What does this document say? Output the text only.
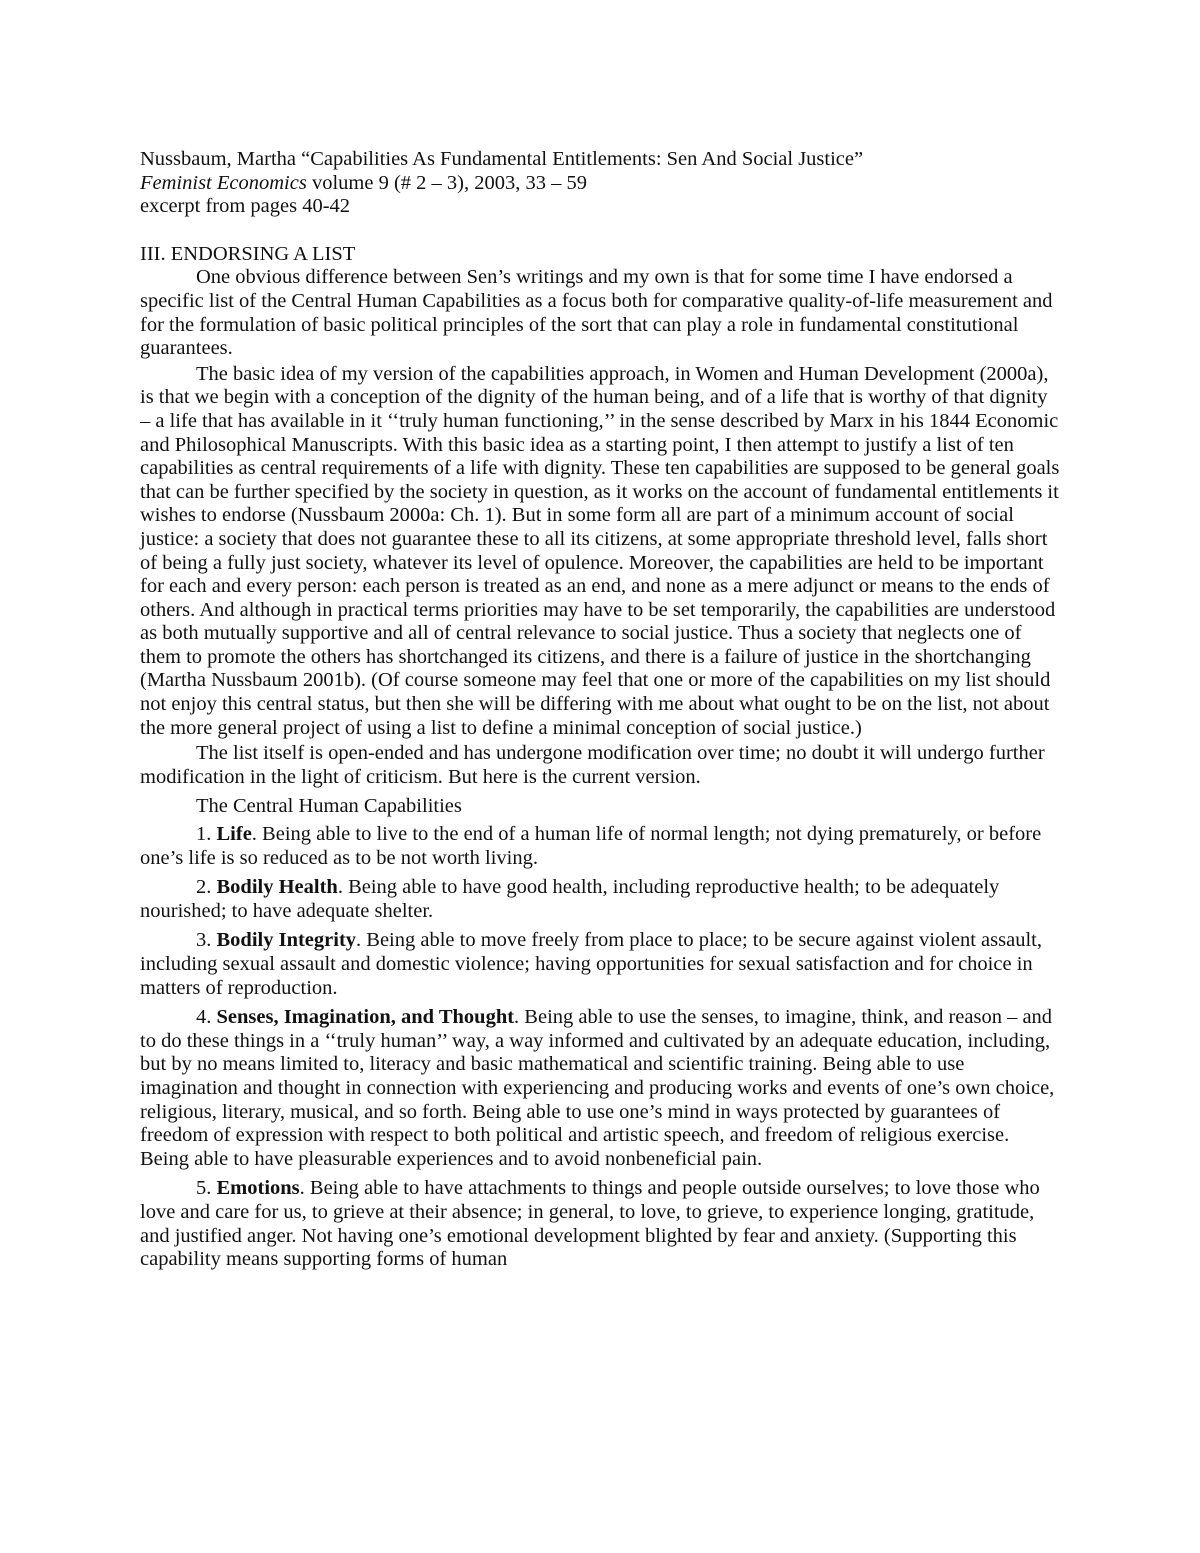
Nussbaum, Martha “Capabilities As Fundamental Entitlements: Sen And Social Justice”
Feminist Economics volume 9 (# 2 – 3), 2003, 33 – 59
excerpt from pages 40-42
III. ENDORSING A LIST

One obvious difference between Sen’s writings and my own is that for some time I have endorsed a specific list of the Central Human Capabilities as a focus both for comparative quality-of-life measurement and for the formulation of basic political principles of the sort that can play a role in fundamental constitutional guarantees.

The basic idea of my version of the capabilities approach, in Women and Human Development (2000a), is that we begin with a conception of the dignity of the human being, and of a life that is worthy of that dignity – a life that has available in it ‘‘truly human functioning,’’ in the sense described by Marx in his 1844 Economic and Philosophical Manuscripts. With this basic idea as a starting point, I then attempt to justify a list of ten capabilities as central requirements of a life with dignity. These ten capabilities are supposed to be general goals that can be further specified by the society in question, as it works on the account of fundamental entitlements it wishes to endorse (Nussbaum 2000a: Ch. 1). But in some form all are part of a minimum account of social justice: a society that does not guarantee these to all its citizens, at some appropriate threshold level, falls short of being a fully just society, whatever its level of opulence. Moreover, the capabilities are held to be important for each and every person: each person is treated as an end, and none as a mere adjunct or means to the ends of others. And although in practical terms priorities may have to be set temporarily, the capabilities are understood as both mutually supportive and all of central relevance to social justice. Thus a society that neglects one of them to promote the others has shortchanged its citizens, and there is a failure of justice in the shortchanging (Martha Nussbaum 2001b). (Of course someone may feel that one or more of the capabilities on my list should not enjoy this central status, but then she will be differing with me about what ought to be on the list, not about the more general project of using a list to define a minimal conception of social justice.)

The list itself is open-ended and has undergone modification over time; no doubt it will undergo further modification in the light of criticism. But here is the current version.

The Central Human Capabilities

1. Life. Being able to live to the end of a human life of normal length; not dying prematurely, or before one’s life is so reduced as to be not worth living.

2. Bodily Health. Being able to have good health, including reproductive health; to be adequately nourished; to have adequate shelter.

3. Bodily Integrity. Being able to move freely from place to place; to be secure against violent assault, including sexual assault and domestic violence; having opportunities for sexual satisfaction and for choice in matters of reproduction.

4. Senses, Imagination, and Thought. Being able to use the senses, to imagine, think, and reason – and to do these things in a ‘‘truly human’’ way, a way informed and cultivated by an adequate education, including, but by no means limited to, literacy and basic mathematical and scientific training. Being able to use imagination and thought in connection with experiencing and producing works and events of one’s own choice, religious, literary, musical, and so forth. Being able to use one’s mind in ways protected by guarantees of freedom of expression with respect to both political and artistic speech, and freedom of religious exercise. Being able to have pleasurable experiences and to avoid nonbeneficial pain.

5. Emotions. Being able to have attachments to things and people outside ourselves; to love those who love and care for us, to grieve at their absence; in general, to love, to grieve, to experience longing, gratitude, and justified anger. Not having one’s emotional development blighted by fear and anxiety. (Supporting this capability means supporting forms of human
